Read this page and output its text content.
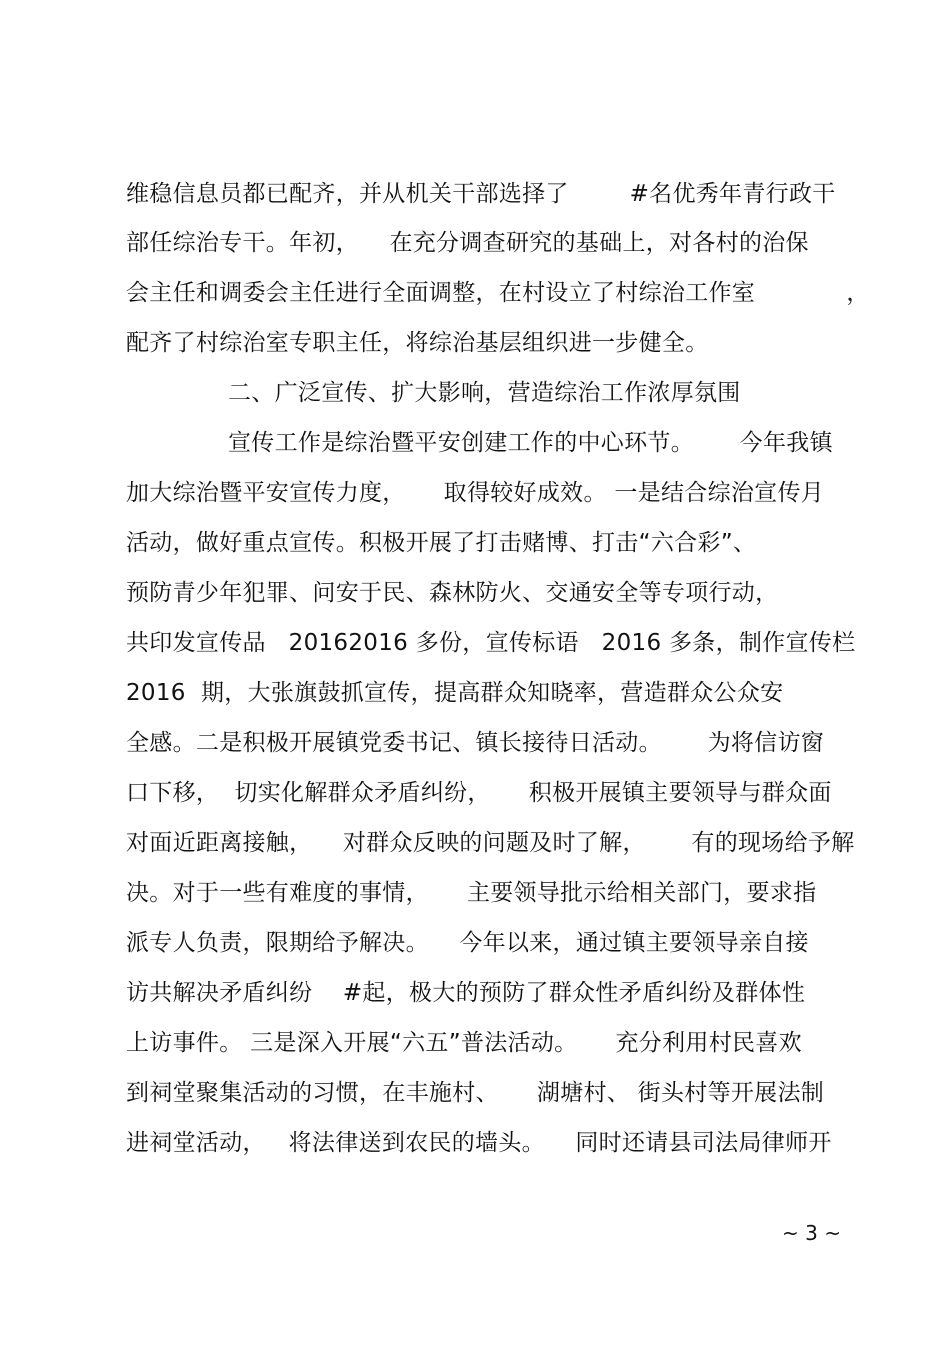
维稳信息员都已配齐，并从机关干部选择了        #名优秀年青行政干
部任综治专干。年初，    在充分调查研究的基础上，对各村的治保
会主任和调委会主任进行全面调整，在村设立了村综治工作室            ，
配齐了村综治室专职主任，将综治基层组织进一步健全。
二、广泛宣传、扩大影响，营造综治工作浓厚氛围
宣传工作是综治暨平安创建工作的中心环节。      今年我镇
加大综治暨平安宣传力度，     取得较好成效。 一是结合综治宣传月
活动，做好重点宣传。积极开展了打击赌博、打击“六合彩”、
预防青少年犯罪、问安于民、森林防火、交通安全等专项行动，
共印发宣传品   20162016 多份，宣传标语   2016 多条，制作宣传栏
2016  期，大张旗鼓抓宣传，提高群众知晓率，营造群众公众安
全感。二是积极开展镇党委书记、镇长接待日活动。      为将信访窗
口下移，  切实化解群众矛盾纠纷，     积极开展镇主要领导与群众面
对面近距离接触，    对群众反映的问题及时了解，      有的现场给予解
决。对于一些有难度的事情，     主要领导批示给相关部门，要求指
派专人负责，限期给予解决。    今年以来，通过镇主要领导亲自接
访共解决矛盾纠纷    #起，极大的预防了群众性矛盾纠纷及群体性
上访事件。 三是深入开展“六五”普法活动。     充分利用村民喜欢
到祠堂聚集活动的习惯，在丰施村、     湖塘村、 街头村等开展法制
进祠堂活动，   将法律送到农民的墙头。    同时还请县司法局律师开
~ 3 ~
